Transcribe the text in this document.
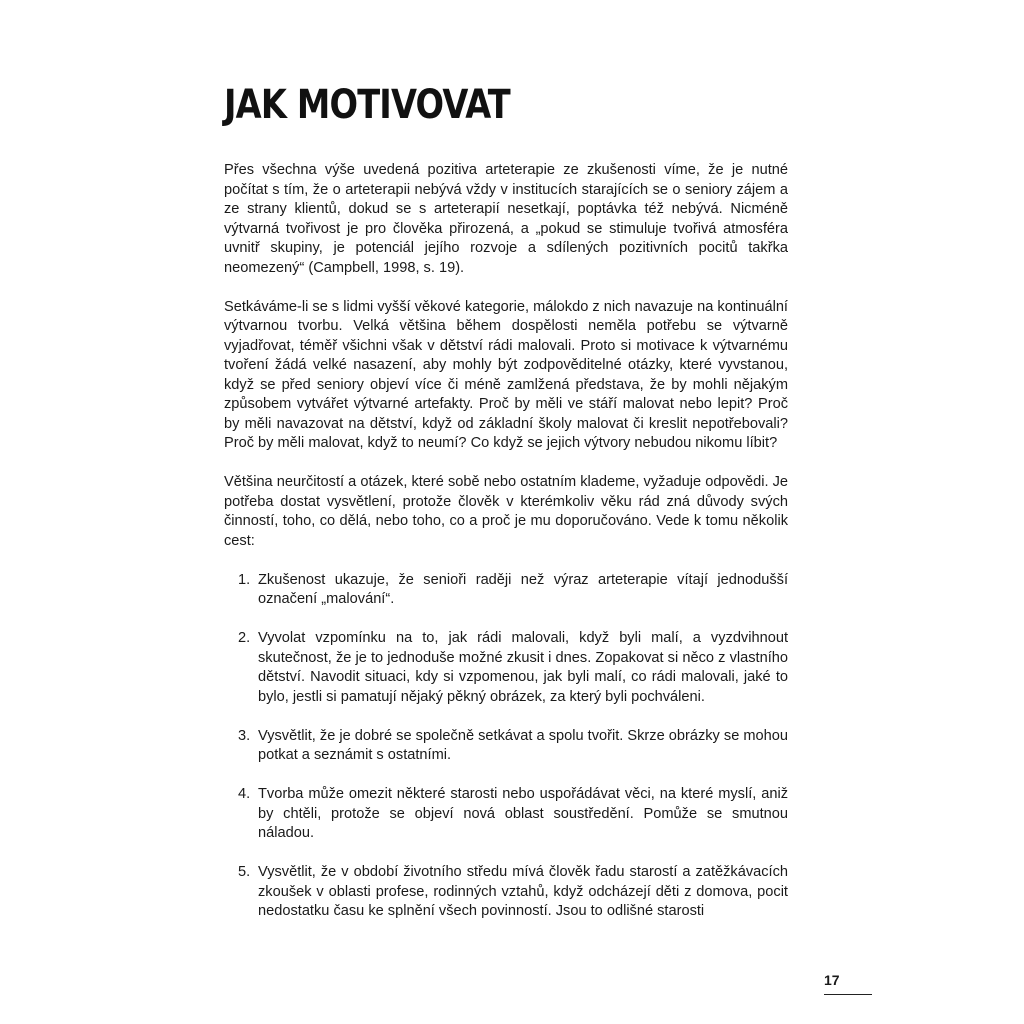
JAK MOTIVOVAT

Přes všechna výše uvedená pozitiva arteterapie ze zkušenosti víme, že je nutné počítat s tím, že o arteterapii nebývá vždy v institucích starajících se o seniory zájem a ze strany klientů, dokud se s arteterapií nesetkají, poptávka též nebývá. Nicméně výtvarná tvořivost je pro člověka přirozená, a „pokud se stimuluje tvořivá atmosféra uvnitř skupiny, je potenciál jejího rozvoje a sdílených pozitivních pocitů takřka neomezený“ (Campbell, 1998, s. 19).

Setkáváme-li se s lidmi vyšší věkové kategorie, málokdo z nich navazuje na kontinuální výtvarnou tvorbu. Velká většina během dospělosti neměla potřebu se výtvarně vyjadřovat, téměř všichni však v dětství rádi malovali. Proto si motivace k výtvarnému tvoření žádá velké nasazení, aby mohly být zodpověditelné otázky, které vyvstanou, když se před seniory objeví více či méně zamlžená představa, že by mohli nějakým způsobem vytvářet výtvarné artefakty. Proč by měli ve stáří malovat nebo lepit? Proč by měli navazovat na dětství, když od základní školy malovat či kreslit nepotřebovali? Proč by měli malovat, když to neumí? Co když se jejich výtvory nebudou nikomu líbit?

Většina neurčitostí a otázek, které sobě nebo ostatním klademe, vyžaduje odpovědi. Je potřeba dostat vysvětlení, protože člověk v kterémkoliv věku rád zná důvody svých činností, toho, co dělá, nebo toho, co a proč je mu doporučováno. Vede k tomu několik cest:

1. Zkušenost ukazuje, že senioři raději než výraz arteterapie vítají jednodušší označení „malování“.
2. Vyvolat vzpomínku na to, jak rádi malovali, když byli malí, a vyzdvihnout skutečnost, že je to jednoduše možné zkusit i dnes. Zopakovat si něco z vlastního dětství. Navodit situaci, kdy si vzpomenou, jak byli malí, co rádi malovali, jaké to bylo, jestli si pamatují nějaký pěkný obrázek, za který byli pochváleni.
3. Vysvětlit, že je dobré se společně setkávat a spolu tvořit. Skrze obrázky se mohou potkat a seznámit s ostatními.
4. Tvorba může omezit některé starosti nebo uspořádávat věci, na které myslí, aniž by chtěli, protože se objeví nová oblast soustředění. Pomůže se smutnou náladou.
5. Vysvětlit, že v období životního středu mívá člověk řadu starostí a zatěžkávacích zkoušek v oblasti profese, rodinných vztahů, když odcházejí děti z domova, pocit nedostatku času ke splnění všech povinností. Jsou to odlišné starosti
17
